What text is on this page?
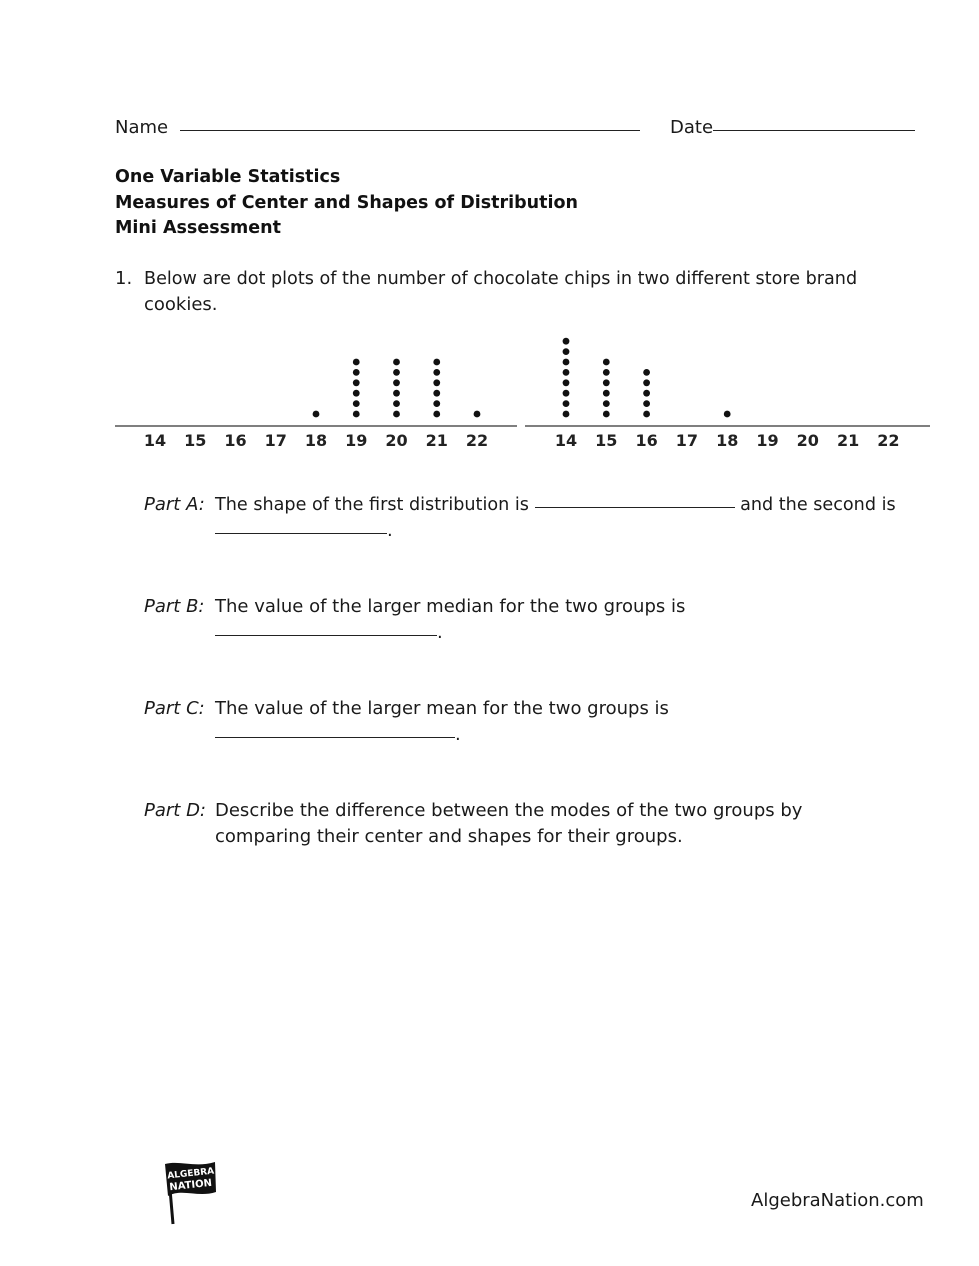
Name	Date
One Variable Statistics
Measures of Center and Shapes of Distribution
Mini Assessment
1. Below are dot plots of the number of chocolate chips in two different store brand
cookies.
14 15 16 17 18 19 20 21 22	14 15 16 17 18 19 20 21 22
Part A: The shape of the first distribution is	and the second is
.
Part B: The value of the larger median for the two groups is
.
Part C: The value of the larger mean for the two groups is
.
Part D: Describe the difference between the modes of the two groups by
comparing their center and shapes for their groups.
ALGEBRA
NATION
AlgebraNation.com
